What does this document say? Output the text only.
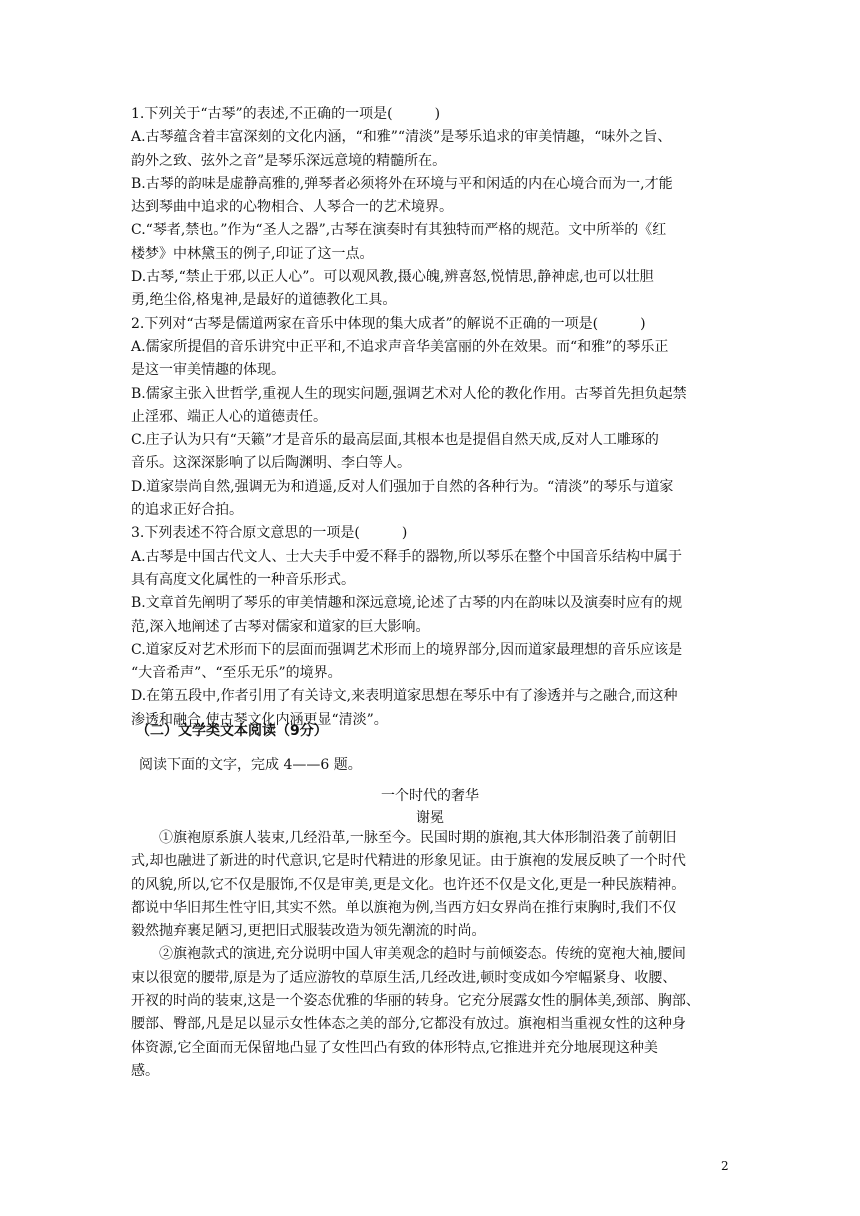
1.下列关于“古琴”的表述,不正确的一项是(　　　)
A.古琴蕴含着丰富深刻的文化内涵，“和雅”“清淡”是琴乐追求的审美情趣，“味外之旨、
韵外之致、弦外之音”是琴乐深远意境的精髓所在。
B.古琴的韵味是虚静高雅的,弹琴者必须将外在环境与平和闲适的内在心境合而为一,才能
达到琴曲中追求的心物相合、人琴合一的艺术境界。
C.“琴者,禁也。”作为“圣人之器”,古琴在演奏时有其独特而严格的规范。文中所举的《红
楼梦》中林黛玉的例子,印证了这一点。
D.古琴,“禁止于邪,以正人心”。可以观风教,摄心魄,辨喜怒,悦情思,静神虑,也可以壮胆
勇,绝尘俗,格鬼神,是最好的道德教化工具。
2.下列对“古琴是儒道两家在音乐中体现的集大成者”的解说不正确的一项是(　　　)
A.儒家所提倡的音乐讲究中正平和,不追求声音华美富丽的外在效果。而“和雅”的琴乐正
是这一审美情趣的体现。
B.儒家主张入世哲学,重视人生的现实问题,强调艺术对人伦的教化作用。古琴首先担负起禁
止淫邪、端正人心的道德责任。
C.庄子认为只有“天籁”才是音乐的最高层面,其根本也是提倡自然天成,反对人工雕琢的
音乐。这深深影响了以后陶渊明、李白等人。
D.道家崇尚自然,强调无为和逍遥,反对人们强加于自然的各种行为。“清淡”的琴乐与道家
的追求正好合拍。
3.下列表述不符合原文意思的一项是(　　　)
A.古琴是中国古代文人、士大夫手中爱不释手的器物,所以琴乐在整个中国音乐结构中属于
具有高度文化属性的一种音乐形式。
B.文章首先阐明了琴乐的审美情趣和深远意境,论述了古琴的内在韵味以及演奏时应有的规
范,深入地阐述了古琴对儒家和道家的巨大影响。
C.道家反对艺术形而下的层面而强调艺术形而上的境界部分,因而道家最理想的音乐应该是
“大音希声”、“至乐无乐”的境界。
D.在第五段中,作者引用了有关诗文,来表明道家思想在琴乐中有了渗透并与之融合,而这种
渗透和融合,使古琴文化内涵更显“清淡”。
（二）文学类文本阅读（9分）
阅读下面的文字，完成 4——6 题。
一个时代的奢华
谢冕
　　①旗袍原系旗人装束,几经沿革,一脉至今。民国时期的旗袍,其大体形制沿袭了前朝旧
式,却也融进了新进的时代意识,它是时代精进的形象见证。由于旗袍的发展反映了一个时代
的风貌,所以,它不仅是服饰,不仅是审美,更是文化。也许还不仅是文化,更是一种民族精神。
都说中华旧邦生性守旧,其实不然。单以旗袍为例,当西方妇女界尚在推行束胸时,我们不仅
毅然抛弃裹足陋习,更把旧式服装改造为领先潮流的时尚。
　　②旗袍款式的演进,充分说明中国人审美观念的趋时与前倾姿态。传统的宽袍大袖,腰间
束以很宽的腰带,原是为了适应游牧的草原生活,几经改进,顿时变成如今窄幅紧身、收腰、
开衩的时尚的装束,这是一个姿态优雅的华丽的转身。它充分展露女性的胴体美,颈部、胸部、
腰部、臀部,凡是足以显示女性体态之美的部分,它都没有放过。旗袍相当重视女性的这种身
体资源,它全面而无保留地凸显了女性凹凸有致的体形特点,它推进并充分地展现这种美
感。
2
